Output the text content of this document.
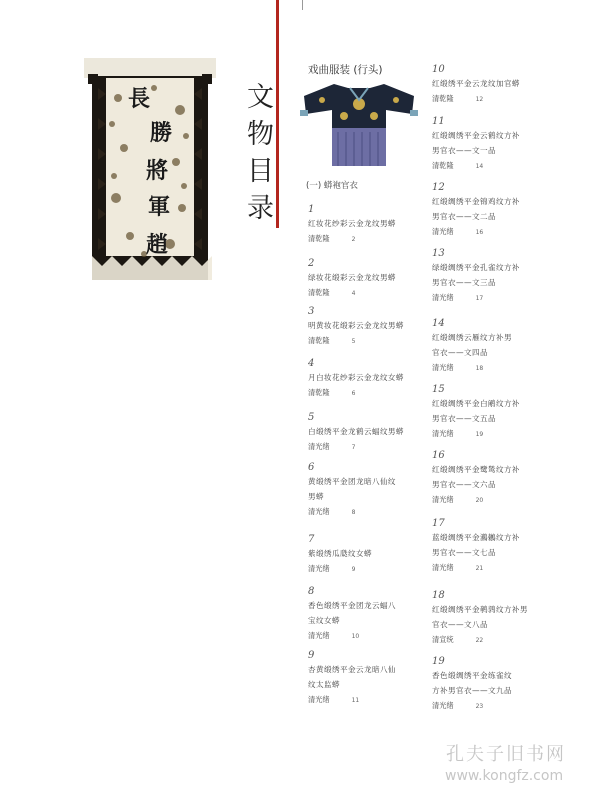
長
勝
將
軍
趙
文物目录
戏曲服装 (行头)
(一) 蟒袍官衣
1
红妆花纱彩云金龙纹男蟒
清乾隆	2
2
绿妆花缎彩云金龙纹男蟒
清乾隆	4
3
明黄妆花缎彩云金龙纹男蟒
清乾隆	5
4
月白妆花纱彩云金龙纹女蟒
清乾隆	6
5
白缎绣平金龙鹤云蝠纹男蟒
清光绪	7
6
黄缎绣平金团龙暗八仙纹
男蟒
清光绪	8
7
紫缎绣瓜瓞纹女蟒
清光绪	9
8
香色缎绣平金团龙云蝠八
宝纹女蟒
清光绪	10
9
杏黄缎绣平金云龙暗八仙
纹太监蟒
清光绪	11
10
红缎绣平金云龙纹加官蟒
清乾隆	12
11
红缎绸绣平金云鹤纹方补
男官衣——文一品
清乾隆	14
12
红缎绸绣平金锦鸡纹方补
男官衣——文二品
清光绪	16
13
绿缎绸绣平金孔雀纹方补
男官衣——文三品
清光绪	17
14
红缎绸绣云雁纹方补男
官衣——文四品
清光绪	18
15
红缎绸绣平金白鹇纹方补
男官衣——文五品
清光绪	19
16
红缎绸绣平金鹭鸶纹方补
男官衣——文六品
清光绪	20
17
蓝缎绸绣平金鸂鶒纹方补
男官衣——文七品
清光绪	21
18
红缎绸绣平金鹌鹑纹方补男
官衣——文八品
清宣统	22
19
香色缎绸绣平金练雀纹
方补男官衣——文九品
清光绪	23
孔夫子旧书网
www.kongfz.com
